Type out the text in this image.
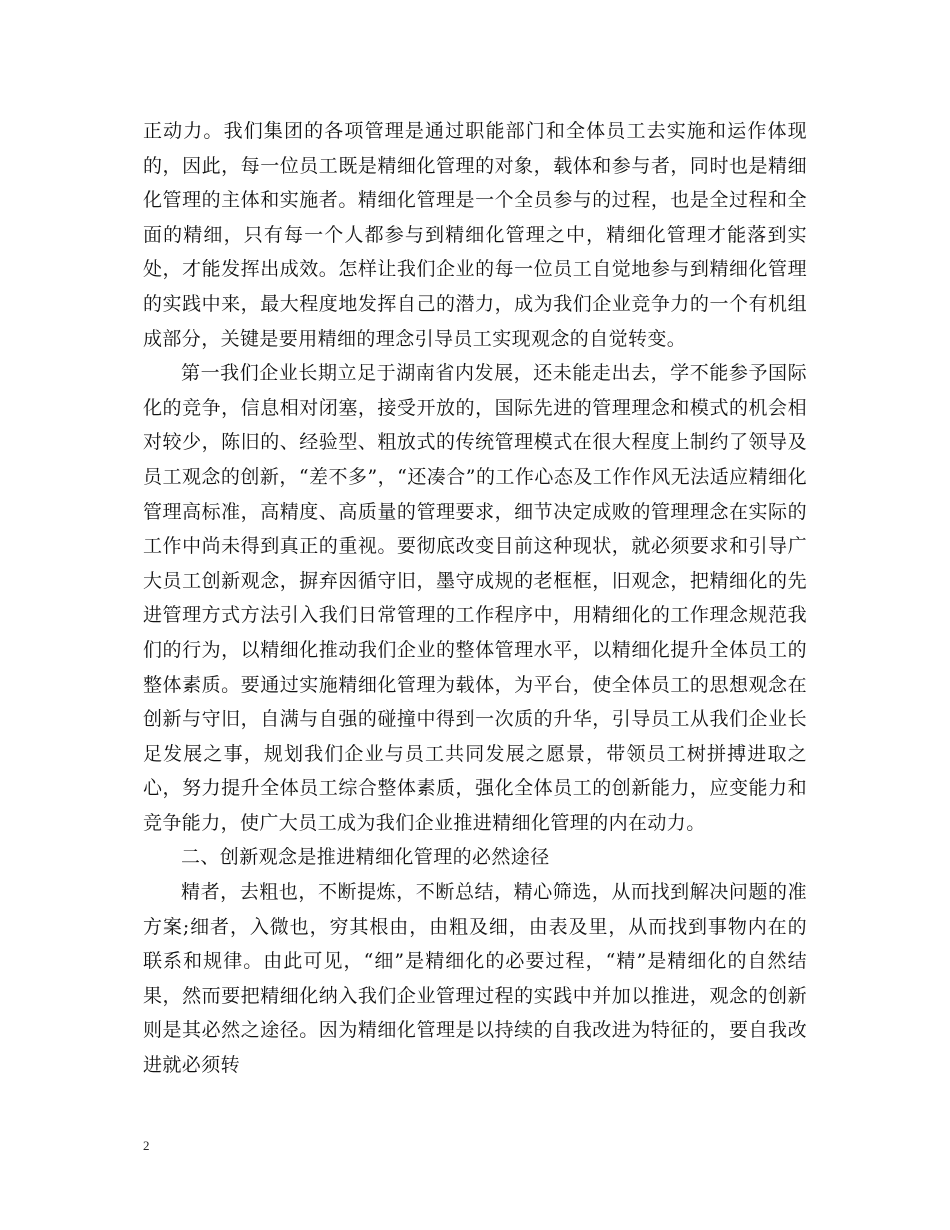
正动力。我们集团的各项管理是通过职能部门和全体员工去实施和运作体现的，因此，每一位员工既是精细化管理的对象，载体和参与者，同时也是精细化管理的主体和实施者。精细化管理是一个全员参与的过程，也是全过程和全面的精细，只有每一个人都参与到精细化管理之中，精细化管理才能落到实处，才能发挥出成效。怎样让我们企业的每一位员工自觉地参与到精细化管理的实践中来，最大程度地发挥自己的潜力，成为我们企业竞争力的一个有机组成部分，关键是要用精细的理念引导员工实现观念的自觉转变。

第一我们企业长期立足于湖南省内发展，还未能走出去，学不能参予国际化的竞争，信息相对闭塞，接受开放的，国际先进的管理理念和模式的机会相对较少，陈旧的、经验型、粗放式的传统管理模式在很大程度上制约了领导及员工观念的创新，“差不多”，“还凑合”的工作心态及工作作风无法适应精细化管理高标准，高精度、高质量的管理要求，细节决定成败的管理理念在实际的工作中尚未得到真正的重视。要彻底改变目前这种现状，就必须要求和引导广大员工创新观念，摒弃因循守旧，墨守成规的老框框，旧观念，把精细化的先进管理方式方法引入我们日常管理的工作程序中，用精细化的工作理念规范我们的行为，以精细化推动我们企业的整体管理水平，以精细化提升全体员工的整体素质。要通过实施精细化管理为载体，为平台，使全体员工的思想观念在创新与守旧，自满与自强的碰撞中得到一次质的升华，引导员工从我们企业长足发展之事，规划我们企业与员工共同发展之愿景，带领员工树拼搏进取之心，努力提升全体员工综合整体素质，强化全体员工的创新能力，应变能力和竞争能力，使广大员工成为我们企业推进精细化管理的内在动力。

二、创新观念是推进精细化管理的必然途径

精者，去粗也，不断提炼，不断总结，精心筛选，从而找到解决问题的准方案;细者，入微也，穷其根由，由粗及细，由表及里，从而找到事物内在的联系和规律。由此可见，“细”是精细化的必要过程，“精”是精细化的自然结果，然而要把精细化纳入我们企业管理过程的实践中并加以推进，观念的创新则是其必然之途径。因为精细化管理是以持续的自我改进为特征的，要自我改进就必须转

2
